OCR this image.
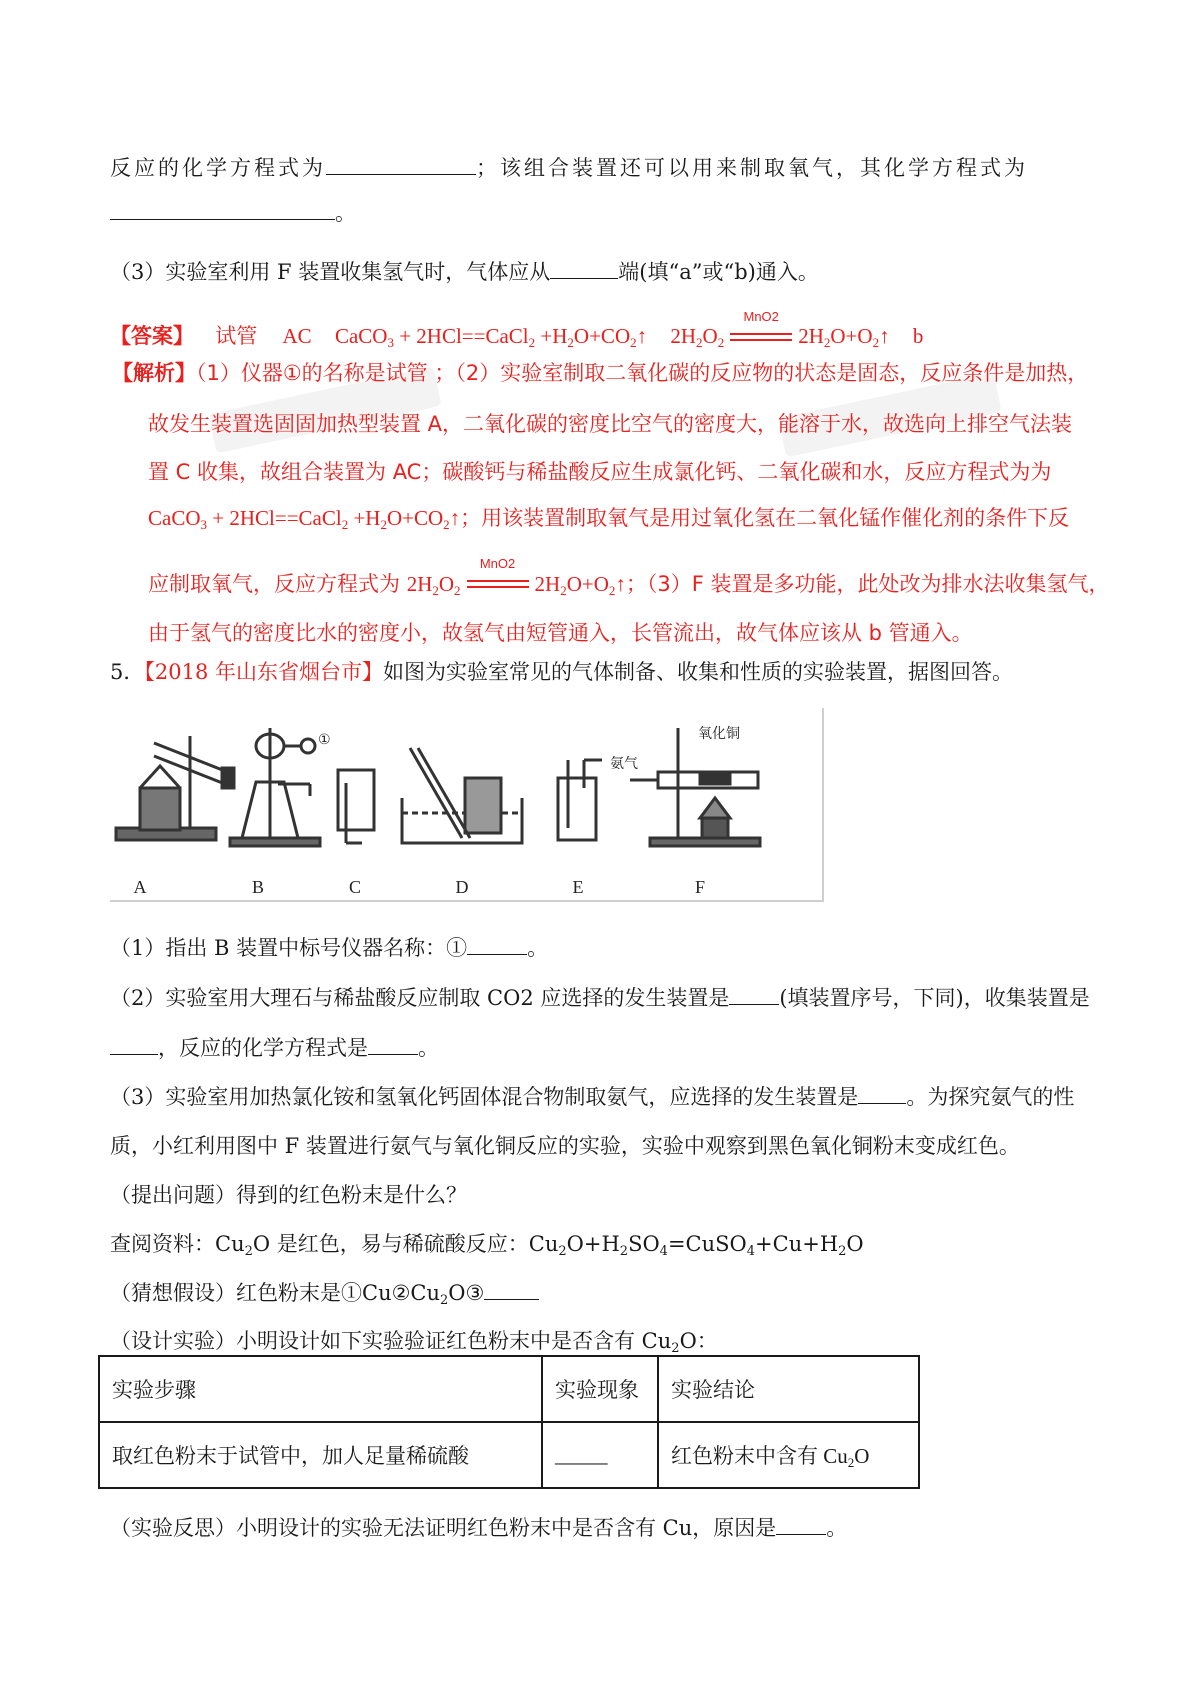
反应的化学方程式为	；该组合装置还可以用来制取氧气，其化学方程式为
。
（3）实验室利用 F 装置收集氢气时，气体应从	端(填“a”或“b)通入。
【答案】 试管 AC CaCO$_3$ + 2HCl==CaCl$_2$ $+H_2O+CO_2↑$ $2H_2O_2$
MnO2
$2H_2O+O_2↑$ b
【解析】（1）仪器①的名称是试管 ；（2）实验室制取二氧化碳的反应物的状态是固态，反应条件是加热，
故发生装置选固固加热型装置 A，二氧化碳的密度比空气的密度大，能溶于水，故选向上排空气法装
置 C 收集，故组合装置为 AC；碳酸钙与稀盐酸反应生成氯化钙、二氧化碳和水，反应方程式为为
CaCO$_3$ + 2HCl==CaCl$_2$ $+H_2O+CO_2↑$；用该装置制取氧气是用过氧化氢在二氧化锰作催化剂的条件下反
应制取氧气，反应方程式为 $2H_2O_2$
MnO2
$2H_2O+O_2↑$；（3）F 装置是多功能，此处改为排水法收集氢气，
由于氢气的密度比水的密度小，故氢气由短管通入，长管流出，故气体应该从 b 管通入。
5．【2018 年山东省烟台市】如图为实验室常见的气体制备、收集和性质的实验装置，据图回答。
A	B	C	D	E	F
①
氨气
氧化铜
（1）指出 B 装置中标号仪器名称：①	。
（2）实验室用大理石与稀盐酸反应制取 CO2 应选择的发生装置是 (填装置序号，下同)，收集装置是
，反应的化学方程式是 。
（3）实验室用加热氯化铵和氢氧化钙固体混合物制取氨气，应选择的发生装置是 。为探究氨气的性
质，小红利用图中 F 装置进行氨气与氧化铜反应的实验，实验中观察到黑色氧化铜粉末变成红色。
（提出问题）得到的红色粉末是什么？
查阅资料：$Cu_2O$ 是红色，易与稀硫酸反应：$Cu_2O+H_2SO_4=CuSO_4+Cu+H_2O$
（猜想假设）红色粉末是$①Cu②Cu_2O③$
（设计实验）小明设计如下实验验证红色粉末中是否含有 $Cu_2O$：
实验步骤	实验现象	实验结论
取红色粉末于试管中，加人足量稀硫酸	_____	红色粉末中含有 $Cu_2O$
（实验反思）小明设计的实验无法证明红色粉末中是否含有 Cu，原因是 。
